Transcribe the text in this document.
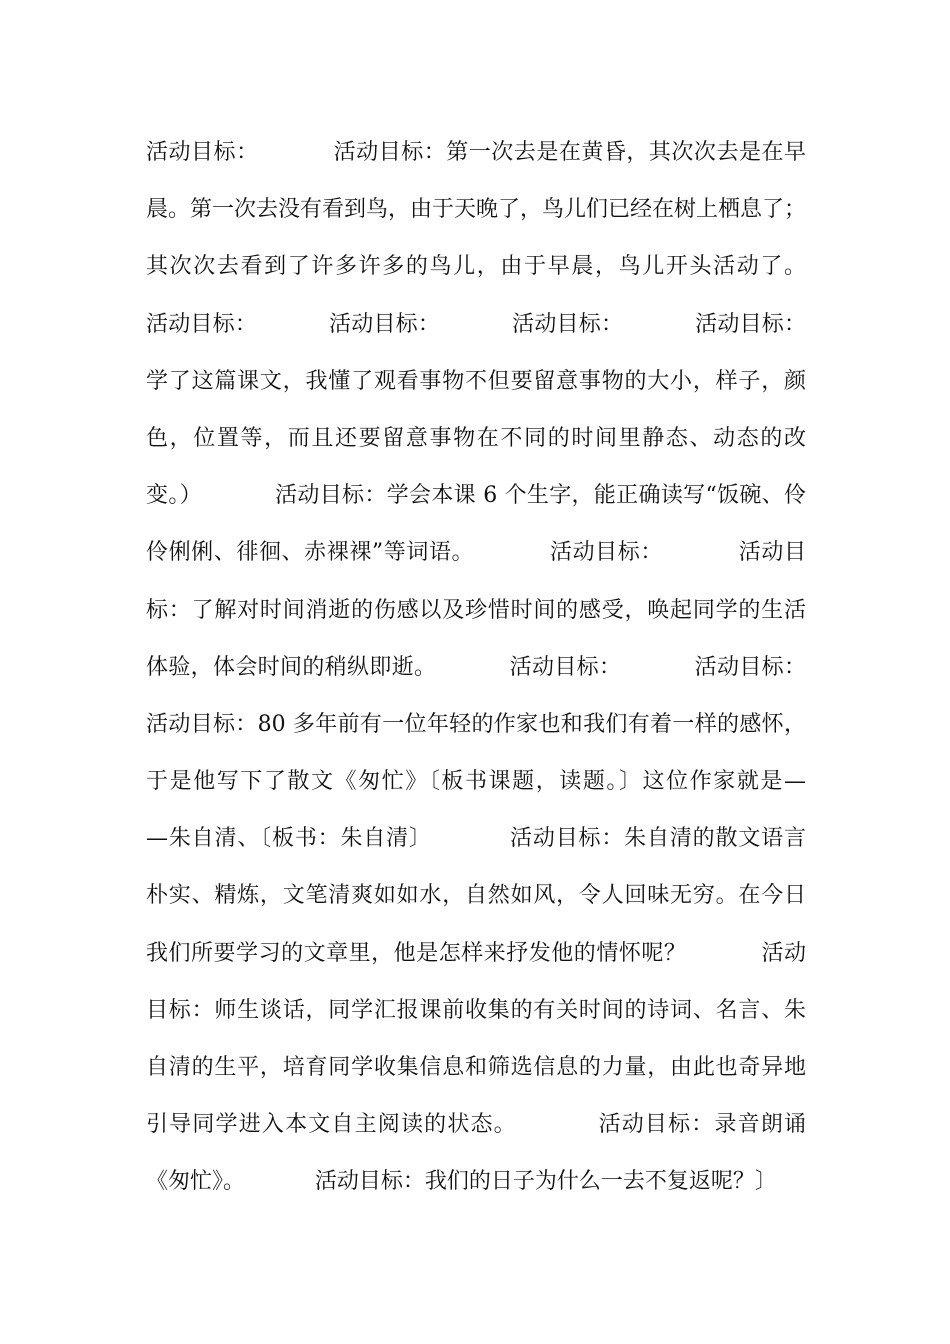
活动目标：          活动目标：第一次去是在黄昏，其次次去是在早
晨。第一次去没有看到鸟，由于天晚了，鸟儿们已经在树上栖息了；
其次次去看到了许多许多的鸟儿，由于早晨，鸟儿开头活动了。
活动目标：          活动目标：          活动目标：          活动目标：
学了这篇课文，我懂了观看事物不但要留意事物的大小，样子，颜
色，位置等，而且还要留意事物在不同的时间里静态、动态的改
变。）          活动目标：学会本课 6 个生字，能正确读写“饭碗、伶
伶俐俐、徘徊、赤裸裸”等词语。          活动目标：          活动目
标：了解对时间消逝的伤感以及珍惜时间的感受，唤起同学的生活
体验，体会时间的稍纵即逝。          活动目标：          活动目标：
活动目标：80 多年前有一位年轻的作家也和我们有着一样的感怀，
于是他写下了散文《匆忙》〔板书课题，读题。〕这位作家就是—
—朱自清、〔板书：朱自清〕          活动目标：朱自清的散文语言
朴实、精炼，文笔清爽如如水，自然如风，令人回味无穷。在今日
我们所要学习的文章里，他是怎样来抒发他的情怀呢？          活动
目标：师生谈话，同学汇报课前收集的有关时间的诗词、名言、朱
自清的生平，培育同学收集信息和筛选信息的力量，由此也奇异地
引导同学进入本文自主阅读的状态。          活动目标：录音朗诵
《匆忙》。          活动目标：我们的日子为什么一去不复返呢？〕
